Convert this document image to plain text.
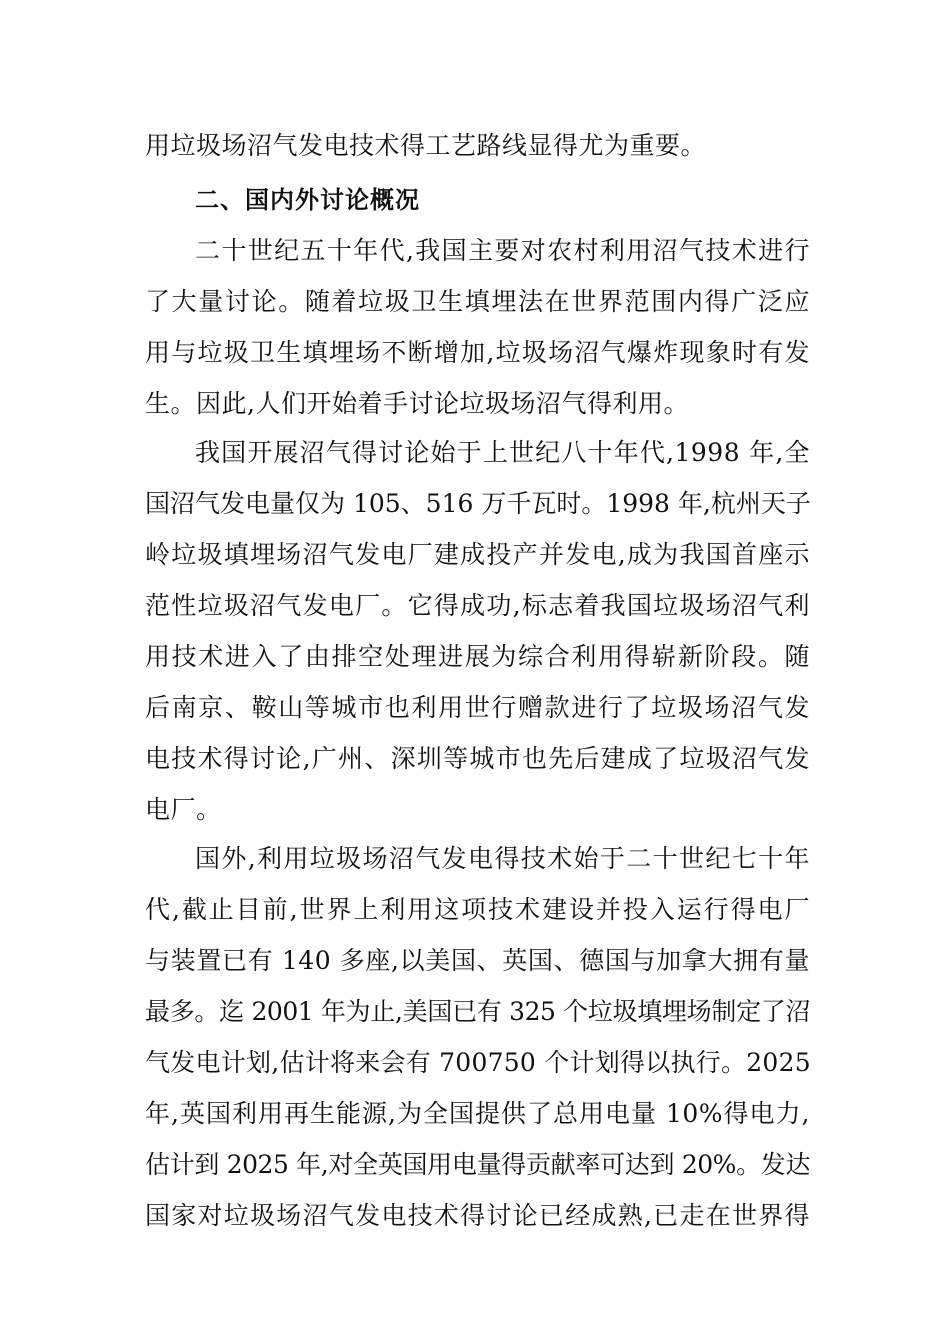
用垃圾场沼气发电技术得工艺路线显得尤为重要。
二、国内外讨论概况
二十世纪五十年代,我国主要对农村利用沼气技术进行
了大量讨论。随着垃圾卫生填埋法在世界范围内得广泛应
用与垃圾卫生填埋场不断增加,垃圾场沼气爆炸现象时有发
生。因此,人们开始着手讨论垃圾场沼气得利用。
我国开展沼气得讨论始于上世纪八十年代,1998 年,全
国沼气发电量仅为 105、516 万千瓦时。1998 年,杭州天子
岭垃圾填埋场沼气发电厂建成投产并发电,成为我国首座示
范性垃圾沼气发电厂。它得成功,标志着我国垃圾场沼气利
用技术进入了由排空处理进展为综合利用得崭新阶段。随
后南京、鞍山等城市也利用世行赠款进行了垃圾场沼气发
电技术得讨论,广州、深圳等城市也先后建成了垃圾沼气发
电厂。
国外,利用垃圾场沼气发电得技术始于二十世纪七十年
代,截止目前,世界上利用这项技术建设并投入运行得电厂
与装置已有 140 多座,以美国、英国、德国与加拿大拥有量
最多。迄 2001 年为止,美国已有 325 个垃圾填埋场制定了沼
气发电计划,估计将来会有 700750 个计划得以执行。2025
年,英国利用再生能源,为全国提供了总用电量 10%得电力,
估计到 2025 年,对全英国用电量得贡献率可达到 20%。发达
国家对垃圾场沼气发电技术得讨论已经成熟,已走在世界得
